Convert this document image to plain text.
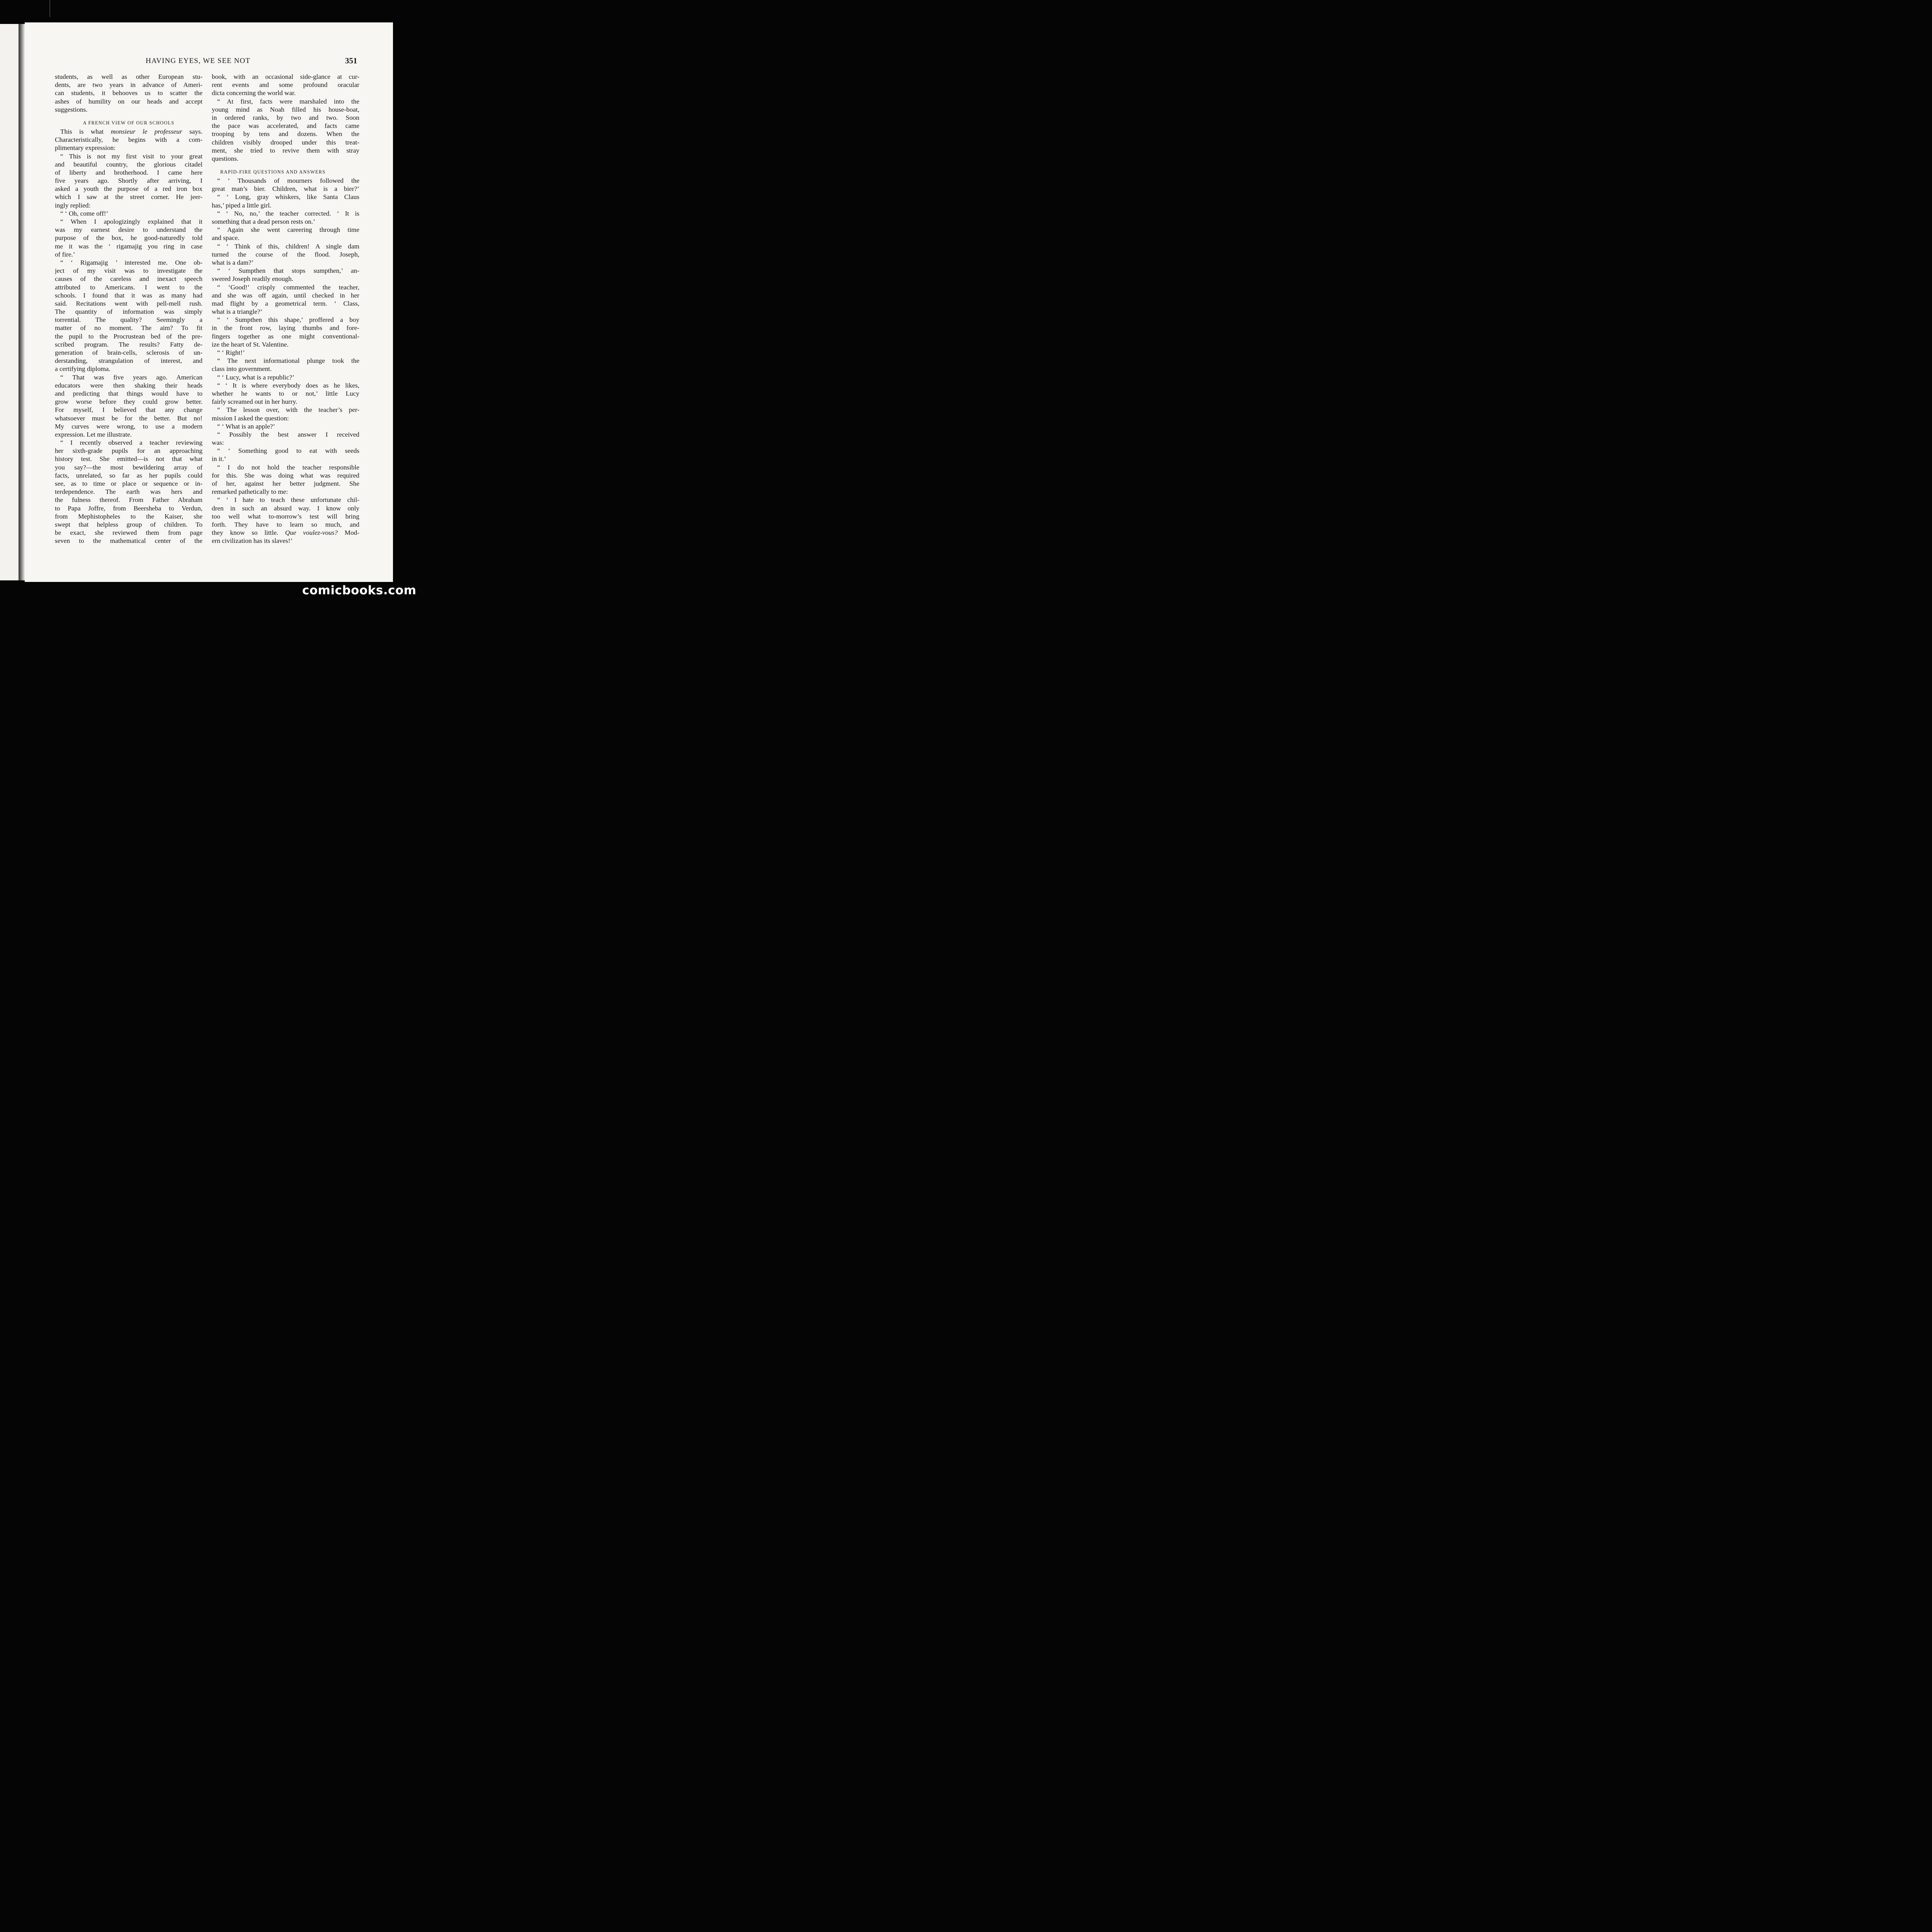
HAVING EYES, WE SEE NOT	351
students, as well as other European stu-
dents, are two years in advance of Ameri-
can students, it behooves us to scatter the
ashes of humility on our heads and accept
suggestions.
A FRENCH VIEW OF OUR SCHOOLS
This is what monsieur le professeur says.
Characteristically, he begins with a com-
plimentary expression:
“ This is not my first visit to your great
and beautiful country, the glorious citadel
of liberty and brotherhood. I came here
five years ago. Shortly after arriving, I
asked a youth the purpose of a red iron box
which I saw at the street corner. He jeer-
ingly replied:
“ ‘ Oh, come off!’
“ When I apologizingly explained that it
was my earnest desire to understand the
purpose of the box, he good-naturedly told
me it was the ‘ rigamajig you ring in case
of fire.’
“ ‘ Rigamajig ’ interested me. One ob-
ject of my visit was to investigate the
causes of the careless and inexact speech
attributed to Americans. I went to the
schools. I found that it was as many had
said. Recitations went with pell-mell rush.
The quantity of information was simply
torrential. The quality? Seemingly a
matter of no moment. The aim? To fit
the pupil to the Procrustean bed of the pre-
scribed program. The results? Fatty de-
generation of brain-cells, sclerosis of un-
derstanding, strangulation of interest, and
a certifying diploma.
“ That was five years ago. American
educators were then shaking their heads
and predicting that things would have to
grow worse before they could grow better.
For myself, I believed that any change
whatsoever must be for the better. But no!
My curves were wrong, to use a modern
expression. Let me illustrate.
“ I recently observed a teacher reviewing
her sixth-grade pupils for an approaching
history test. She emitted—is not that what
you say?—the most bewildering array of
facts, unrelated, so far as her pupils could
see, as to time or place or sequence or in-
terdependence. The earth was hers and
the fulness thereof. From Father Abraham
to Papa Joffre, from Beersheba to Verdun,
from Mephistopheles to the Kaiser, she
swept that helpless group of children. To
be exact, she reviewed them from page
seven to the mathematical center of the
book, with an occasional side-glance at cur-
rent events and some profound oracular
dicta concerning the world war.
“ At first, facts were marshaled into the
young mind as Noah filled his house-boat,
in ordered ranks, by two and two. Soon
the pace was accelerated, and facts came
trooping by tens and dozens. When the
children visibly drooped under this treat-
ment, she tried to revive them with stray
questions.
RAPID-FIRE QUESTIONS AND ANSWERS
“ ‘ Thousands of mourners followed the
great man’s bier. Children, what is a bier?’
“ ‘ Long, gray whiskers, like Santa Claus
has,’ piped a little girl.
“ ‘ No, no,’ the teacher corrected. ‘ It is
something that a dead person rests on.’
“ Again she went careering through time
and space.
“ ‘ Think of this, children! A single dam
turned the course of the flood. Joseph,
what is a dam?’
“ ‘ Sumpthen that stops sumpthen,’ an-
swered Joseph readily enough.
“ ‘Good!’ crisply commented the teacher,
and she was off again, until checked in her
mad flight by a geometrical term. ‘ Class,
what is a triangle?’
“ ‘ Sumpthen this shape,’ proffered a boy
in the front row, laying thumbs and fore-
fingers together as one might conventional-
ize the heart of St. Valentine.
“ ‘ Right!’
“ The next informational plunge took the
class into government.
“ ‘ Lucy, what is a republic?’
“ ‘ It is where everybody does as he likes,
whether he wants to or not,’ little Lucy
fairly screamed out in her hurry.
“ The lesson over, with the teacher’s per-
mission I asked the question:
“ ‘ What is an apple?’
“ Possibly the best answer I received
was:
“ ‘ Something good to eat with seeds
in it.’
“ I do not hold the teacher responsible
for this. She was doing what was required
of her, against her better judgment. She
remarked pathetically to me:
“ ‘ I hate to teach these unfortunate chil-
dren in such an absurd way. I know only
too well what to-morrow’s test will bring
forth. They have to learn so much, and
they know so little. Que voulez-vous? Mod-
ern civilization has its slaves!’
comicbooks.com
